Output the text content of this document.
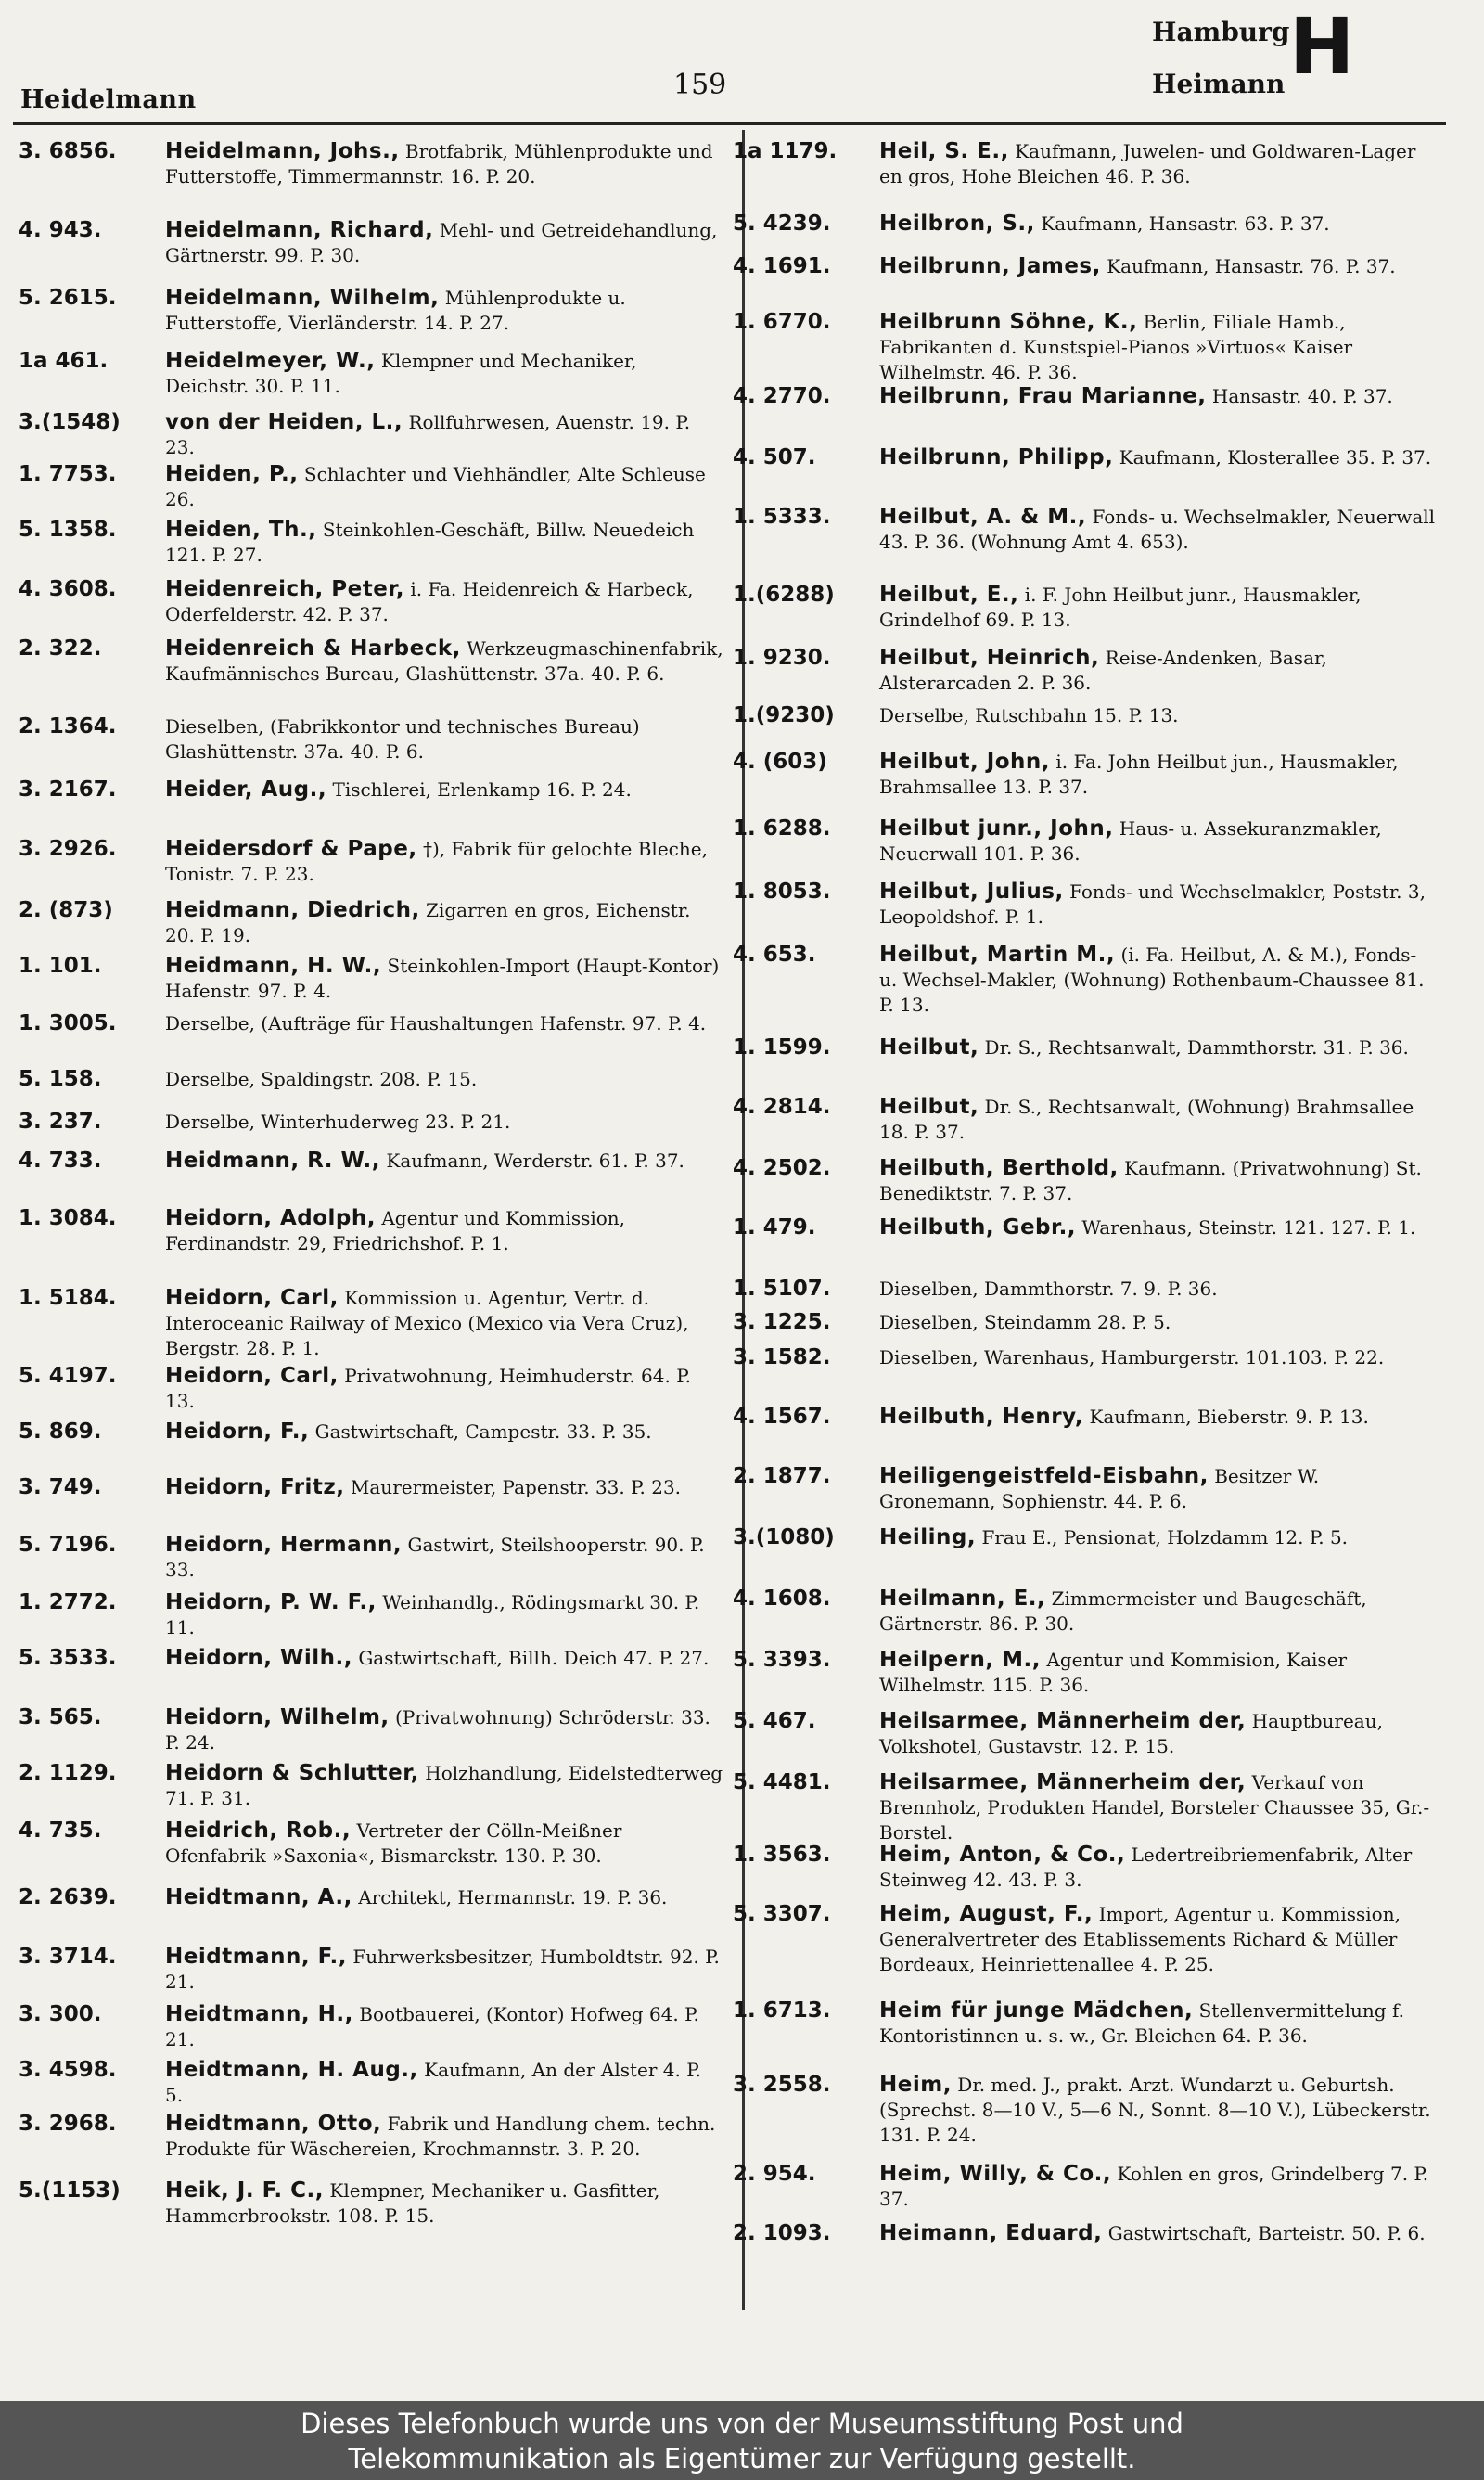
Heidelmann	159
Hamburg
Heimann H
3. 6856.	Heidelmann, Johs., Brotfabrik, Mühlenprodukte und Futterstoffe, Timmermannstr. 16. P. 20.
4. 943.	Heidelmann, Richard, Mehl- und Getreidehandlung, Gärtnerstr. 99. P. 30.
5. 2615.	Heidelmann, Wilhelm, Mühlenprodukte u. Futterstoffe, Vierländerstr. 14. P. 27.
1a 461.	Heidelmeyer, W., Klempner und Mechaniker, Deichstr. 30. P. 11.
3.(1548)	von der Heiden, L., Rollfuhrwesen, Auenstr. 19. P. 23.
1. 7753.	Heiden, P., Schlachter und Viehhändler, Alte Schleuse 26.
5. 1358.	Heiden, Th., Steinkohlen-Geschäft, Billw. Neuedeich 121. P. 27.
4. 3608.	Heidenreich, Peter, i. Fa. Heidenreich & Harbeck, Oderfelderstr. 42. P. 37.
2. 322.	Heidenreich & Harbeck, Werkzeugmaschinenfabrik, Kaufmännisches Bureau, Glashüttenstr. 37a. 40. P. 6.
2. 1364.	Dieselben, (Fabrikkontor und technisches Bureau) Glashüttenstr. 37a. 40. P. 6.
3. 2167.	Heider, Aug., Tischlerei, Erlenkamp 16. P. 24.
3. 2926.	Heidersdorf & Pape, †), Fabrik für gelochte Bleche, Tonistr. 7. P. 23.
2. (873)	Heidmann, Diedrich, Zigarren en gros, Eichenstr. 20. P. 19.
1. 101.	Heidmann, H. W., Steinkohlen-Import (Haupt-Kontor) Hafenstr. 97. P. 4.
1. 3005.	Derselbe, (Aufträge für Haushaltungen Hafenstr. 97. P. 4.
5. 158.	Derselbe, Spaldingstr. 208. P. 15.
3. 237.	Derselbe, Winterhuderweg 23. P. 21.
4. 733.	Heidmann, R. W., Kaufmann, Werderstr. 61. P. 37.
1. 3084.	Heidorn, Adolph, Agentur und Kommission, Ferdinandstr. 29, Friedrichshof. P. 1.
1. 5184.	Heidorn, Carl, Kommission u. Agentur, Vertr. d. Interoceanic Railway of Mexico (Mexico via Vera Cruz), Bergstr. 28. P. 1.
5. 4197.	Heidorn, Carl, Privatwohnung, Heimhuderstr. 64. P. 13.
5. 869.	Heidorn, F., Gastwirtschaft, Campestr. 33. P. 35.
3. 749.	Heidorn, Fritz, Maurermeister, Papenstr. 33. P. 23.
5. 7196.	Heidorn, Hermann, Gastwirt, Steilshooperstr. 90. P. 33.
1. 2772.	Heidorn, P. W. F., Weinhandlg., Rödingsmarkt 30. P. 11.
5. 3533.	Heidorn, Wilh., Gastwirtschaft, Billh. Deich 47. P. 27.
3. 565.	Heidorn, Wilhelm, (Privatwohnung) Schröderstr. 33. P. 24.
2. 1129.	Heidorn & Schlutter, Holzhandlung, Eidelstedterweg 71. P. 31.
4. 735.	Heidrich, Rob., Vertreter der Cölln-Meißner Ofenfabrik »Saxonia«, Bismarckstr. 130. P. 30.
2. 2639.	Heidtmann, A., Architekt, Hermannstr. 19. P. 36.
3. 3714.	Heidtmann, F., Fuhrwerksbesitzer, Humboldtstr. 92. P. 21.
3. 300.	Heidtmann, H., Bootbauerei, (Kontor) Hofweg 64. P. 21.
3. 4598.	Heidtmann, H. Aug., Kaufmann, An der Alster 4. P. 5.
3. 2968.	Heidtmann, Otto, Fabrik und Handlung chem. techn. Produkte für Wäschereien, Krochmannstr. 3. P. 20.
5.(1153)	Heik, J. F. C., Klempner, Mechaniker u. Gasfitter, Hammerbrookstr. 108. P. 15.
1a 1179.	Heil, S. E., Kaufmann, Juwelen- und Goldwaren-Lager en gros, Hohe Bleichen 46. P. 36.
5. 4239.	Heilbron, S., Kaufmann, Hansastr. 63. P. 37.
4. 1691.	Heilbrunn, James, Kaufmann, Hansastr. 76. P. 37.
1. 6770.	Heilbrunn Söhne, K., Berlin, Filiale Hamb., Fabrikanten d. Kunstspiel-Pianos »Virtuos« Kaiser Wilhelmstr. 46. P. 36.
4. 2770.	Heilbrunn, Frau Marianne, Hansastr. 40. P. 37.
4. 507.	Heilbrunn, Philipp, Kaufmann, Klosterallee 35. P. 37.
1. 5333.	Heilbut, A. & M., Fonds- u. Wechselmakler, Neuerwall 43. P. 36. (Wohnung Amt 4. 653).
1.(6288)	Heilbut, E., i. F. John Heilbut junr., Hausmakler, Grindelhof 69. P. 13.
1. 9230.	Heilbut, Heinrich, Reise-Andenken, Basar, Alsterarcaden 2. P. 36.
1.(9230)	Derselbe, Rutschbahn 15. P. 13.
4. (603)	Heilbut, John, i. Fa. John Heilbut jun., Hausmakler, Brahmsallee 13. P. 37.
1. 6288.	Heilbut junr., John, Haus- u. Assekuranzmakler, Neuerwall 101. P. 36.
1. 8053.	Heilbut, Julius, Fonds- und Wechselmakler, Poststr. 3, Leopoldshof. P. 1.
4. 653.	Heilbut, Martin M., (i. Fa. Heilbut, A. & M.), Fonds- u. Wechsel-Makler, (Wohnung) Rothenbaum-Chaussee 81. P. 13.
1. 1599.	Heilbut, Dr. S., Rechtsanwalt, Dammthorstr. 31. P. 36.
4. 2814.	Heilbut, Dr. S., Rechtsanwalt, (Wohnung) Brahmsallee 18. P. 37.
4. 2502.	Heilbuth, Berthold, Kaufmann. (Privatwohnung) St. Benediktstr. 7. P. 37.
1. 479.	Heilbuth, Gebr., Warenhaus, Steinstr. 121. 127. P. 1.
1. 5107.	Dieselben, Dammthorstr. 7. 9. P. 36.
3. 1225.	Dieselben, Steindamm 28. P. 5.
3. 1582.	Dieselben, Warenhaus, Hamburgerstr. 101.103. P. 22.
4. 1567.	Heilbuth, Henry, Kaufmann, Bieberstr. 9. P. 13.
2. 1877.	Heiligengeistfeld-Eisbahn, Besitzer W. Gronemann, Sophienstr. 44. P. 6.
3.(1080)	Heiling, Frau E., Pensionat, Holzdamm 12. P. 5.
4. 1608.	Heilmann, E., Zimmermeister und Baugeschäft, Gärtnerstr. 86. P. 30.
5. 3393.	Heilpern, M., Agentur und Kommision, Kaiser Wilhelmstr. 115. P. 36.
5. 467.	Heilsarmee, Männerheim der, Hauptbureau, Volkshotel, Gustavstr. 12. P. 15.
5. 4481.	Heilsarmee, Männerheim der, Verkauf von Brennholz, Produkten Handel, Borsteler Chaussee 35, Gr.-Borstel.
1. 3563.	Heim, Anton, & Co., Ledertreibriemenfabrik, Alter Steinweg 42. 43. P. 3.
5. 3307.	Heim, August, F., Import, Agentur u. Kommission, Generalvertreter des Etablissements Richard & Müller Bordeaux, Heinriettenallee 4. P. 25.
1. 6713.	Heim für junge Mädchen, Stellenvermittelung f. Kontoristinnen u. s. w., Gr. Bleichen 64. P. 36.
3. 2558.	Heim, Dr. med. J., prakt. Arzt. Wundarzt u. Geburtsh. (Sprechst. 8—10 V., 5—6 N., Sonnt. 8—10 V.), Lübeckerstr. 131. P. 24.
2. 954.	Heim, Willy, & Co., Kohlen en gros, Grindelberg 7. P. 37.
2. 1093.	Heimann, Eduard, Gastwirtschaft, Barteistr. 50. P. 6.
Dieses Telefonbuch wurde uns von der Museumsstiftung Post und
Telekommunikation als Eigentümer zur Verfügung gestellt.
